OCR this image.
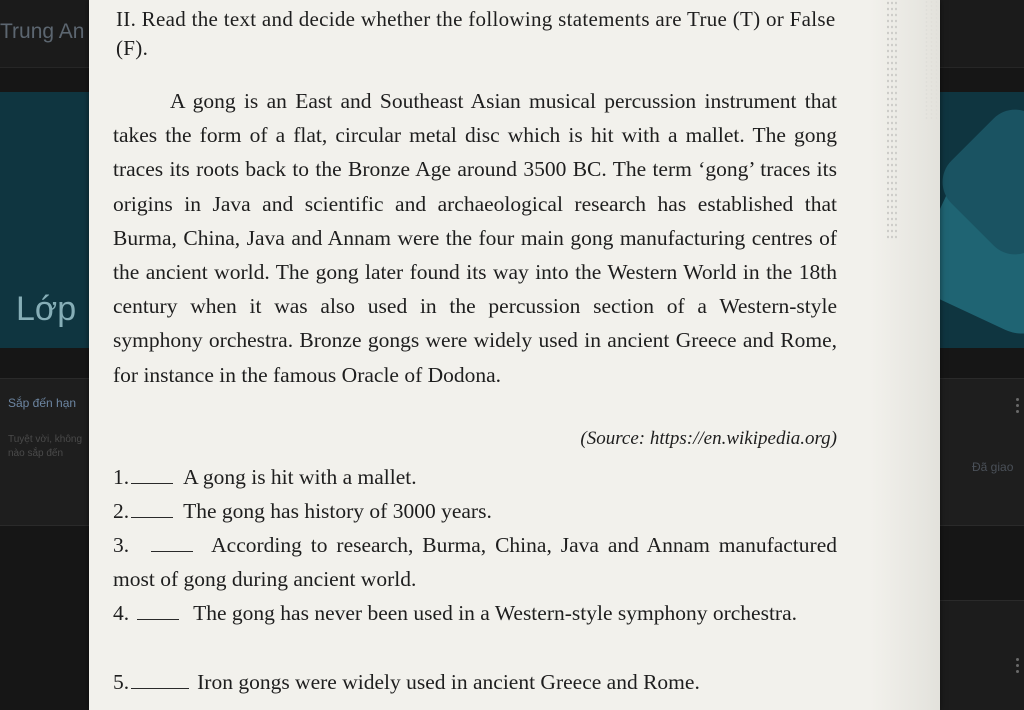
Trung An
Lớp
Sắp đến hạn
Tuyệt vời, không
nào sắp đến
Đã giao
II. Read the text and decide whether the following statements are True (T) or False (F).
A gong is an East and Southeast Asian musical percussion instrument that takes the form of a flat, circular metal disc which is hit with a mallet. The gong traces its roots back to the Bronze Age around 3500 BC. The term ‘gong’ traces its origins in Java and scientific and archaeological research has established that Burma, China, Java and Annam were the four main gong manufacturing centres of the ancient world. The gong later found its way into the Western World in the 18th century when it was also used in the percussion section of a Western-style symphony orchestra. Bronze gongs were widely used in ancient Greece and Rome, for instance in the famous Oracle of Dodona.
(Source: https://en.wikipedia.org)
1.	A gong is hit with a mallet.
2.	The gong has history of 3000 years.
3.	According to research, Burma, China, Java and Annam manufactured most of gong during ancient world.
4.	The gong has never been used in a Western-style symphony orchestra.
5.	Iron gongs were widely used in ancient Greece and Rome.
